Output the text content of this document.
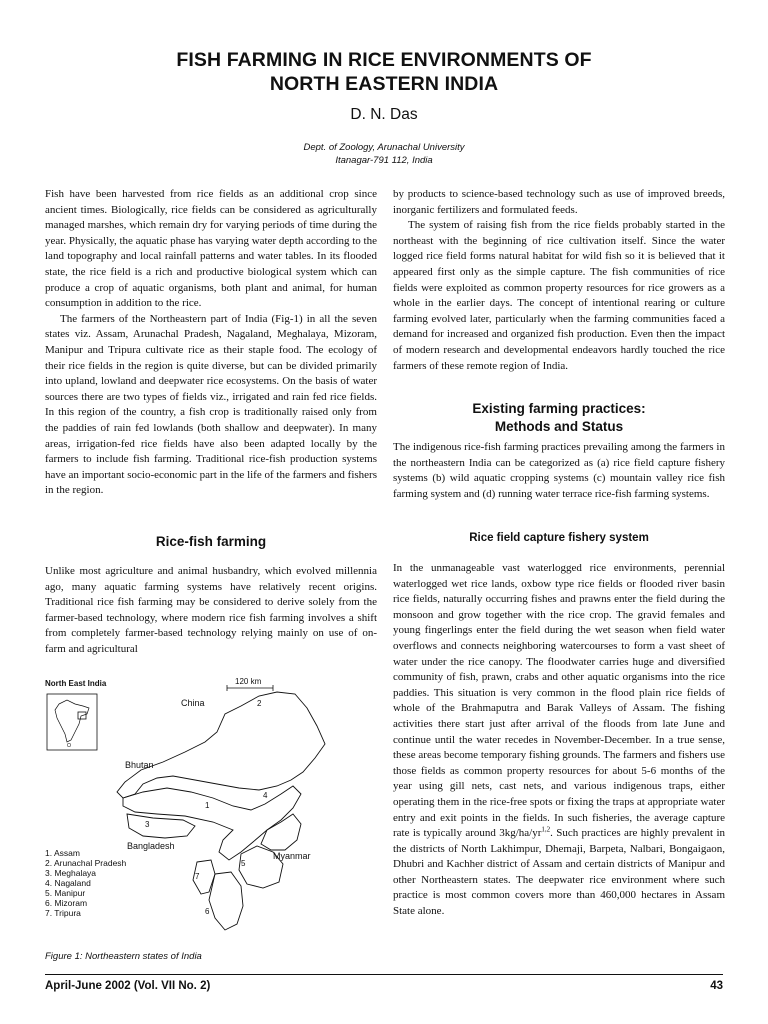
FISH FARMING IN RICE ENVIRONMENTS OF
NORTH EASTERN INDIA
D. N. Das
Dept. of Zoology, Arunachal University
Itanagar-791 112, India

Fish have been harvested from rice fields as an additional crop since ancient times. Biologically, rice fields can be considered as agriculturally managed marshes, which remain dry for varying periods of time during the year. Physically, the aquatic phase has varying water depth according to the land topography and local rainfall patterns and water tables. In its flooded state, the rice field is a rich and productive biological system which can produce a crop of aquatic organisms, both plant and animal, for human consumption in addition to the rice.

The farmers of the Northeastern part of India (Fig-1) in all the seven states viz. Assam, Arunachal Pradesh, Nagaland, Meghalaya, Mizoram, Manipur and Tripura cultivate rice as their staple food. The ecology of their rice fields in the region is quite diverse, but can be divided primarily into upland, lowland and deepwater rice ecosystems. On the basis of water sources there are two types of fields viz., irrigated and rain fed rice fields. In this region of the country, a fish crop is traditionally raised only from the paddies of rain fed lowlands (both shallow and deepwater). In many areas, irrigation-fed rice fields have also been adapted locally by the farmers to include fish farming. Traditional rice-fish production systems have an important socio-economic part in the life of the farmers and fishers in the region.

Rice-fish farming

Unlike most agriculture and animal husbandry, which evolved millennia ago, many aquatic farming systems have relatively recent origins. Traditional rice fish farming may be considered to derive solely from the farmer-based technology, where modern rice fish farming involves a shift from completely farmer-based technology relying mainly on use of on-farm and agricultural

North East India	120 km
China
Bhutan
Bangladesh
Myanmar
2
1
3
4
5
6
7
1. Assam
2. Arunachal Pradesh
3. Meghalaya
4. Nagaland
5. Manipur
6. Mizoram
7. Tripura
Figure 1: Northeastern states of India

by products to science-based technology such as use of improved breeds, inorganic fertilizers and formulated feeds.

The system of raising fish from the rice fields probably started in the northeast with the beginning of rice cultivation itself. Since the water logged rice field forms natural habitat for wild fish so it is believed that it appeared first only as the simple capture. The fish communities of rice fields were exploited as common property resources for rice growers as a whole in the earlier days. The concept of intentional rearing or culture farming evolved later, particularly when the farming communities faced a demand for increased and organized fish production. Even then the impact of modern research and developmental endeavors hardly touched the rice farmers of these remote region of India.

Existing farming practices:
Methods and Status

The indigenous rice-fish farming practices prevailing among the farmers in the northeastern India can be categorized as (a) rice field capture fishery systems (b) wild aquatic cropping systems (c) mountain valley rice fish farming system and (d) running water terrace rice-fish farming systems.

Rice field capture fishery system

In the unmanageable vast waterlogged rice environments, perennial waterlogged wet rice lands, oxbow type rice fields or flooded river basin rice fields, naturally occurring fishes and prawns enter the field during the monsoon and grow together with the rice crop. The gravid females and young fingerlings enter the field during the wet season when field water overflows and connects neighboring watercourses to form a vast sheet of water under the rice canopy. The floodwater carries huge and diversified community of fish, prawn, crabs and other aquatic organisms into the rice paddies. This situation is very common in the flood plain rice fields of whole of the Brahmaputra and Barak Valleys of Assam. The fishing activities there start just after arrival of the floods from late June and continue until the water recedes in November-December. In a true sense, these areas become temporary fishing grounds. The farmers and fishers use those fields as common property resources for about 5-6 months of the year using gill nets, cast nets, and various indigenous traps, either operating them in the rice-free spots or fixing the traps at appropriate water entry and exit points in the fields. In such fisheries, the average capture rate is typically around 3kg/ha/yr$^{1,2}$. Such practices are highly prevalent in the districts of North Lakhimpur, Dhemaji, Barpeta, Nalbari, Bongaigaon, Dhubri and Kachher district of Assam and certain districts of Manipur and other Northeastern states. The deepwater rice environment where such practice is most common covers more than 460,000 hectares in Assam State alone.

April-June 2002 (Vol. VII No. 2)	43
